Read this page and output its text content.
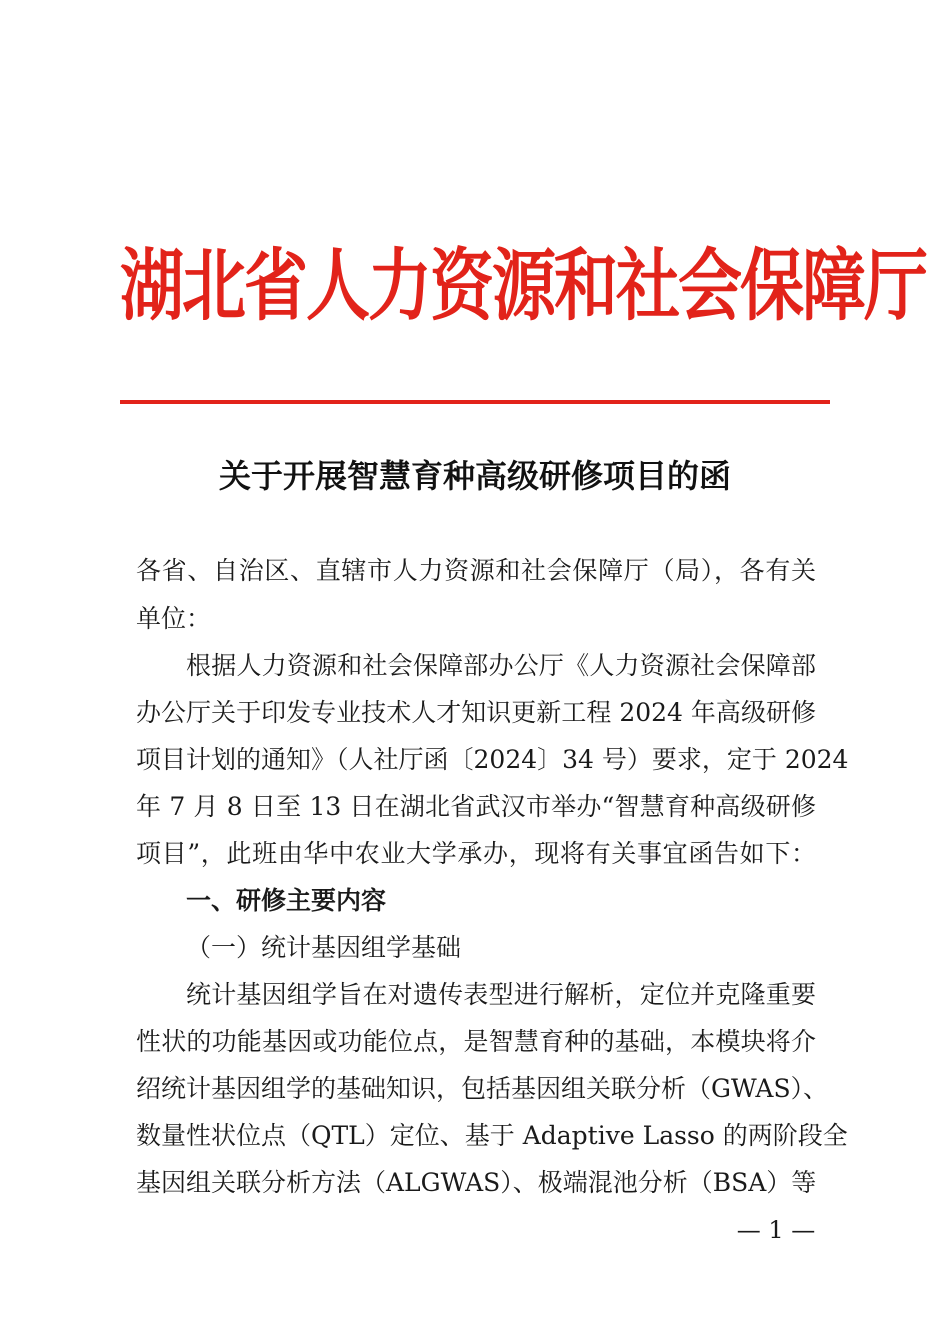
湖北省人力资源和社会保障厅
关于开展智慧育种高级研修项目的函
各省、自治区、直辖市人力资源和社会保障厅（局），各有关
单位：
根据人力资源和社会保障部办公厅《人力资源社会保障部
办公厅关于印发专业技术人才知识更新工程 2024 年高级研修
项目计划的通知》（人社厅函〔2024〕34 号）要求，定于 2024
年 7 月 8 日至 13 日在湖北省武汉市举办“智慧育种高级研修
项目”，此班由华中农业大学承办，现将有关事宜函告如下：
一、研修主要内容
（一）统计基因组学基础
统计基因组学旨在对遗传表型进行解析，定位并克隆重要
性状的功能基因或功能位点，是智慧育种的基础，本模块将介
绍统计基因组学的基础知识，包括基因组关联分析（GWAS）、
数量性状位点（QTL）定位、基于 Adaptive Lasso 的两阶段全
基因组关联分析方法（ALGWAS）、极端混池分析（BSA）等
— 1 —
